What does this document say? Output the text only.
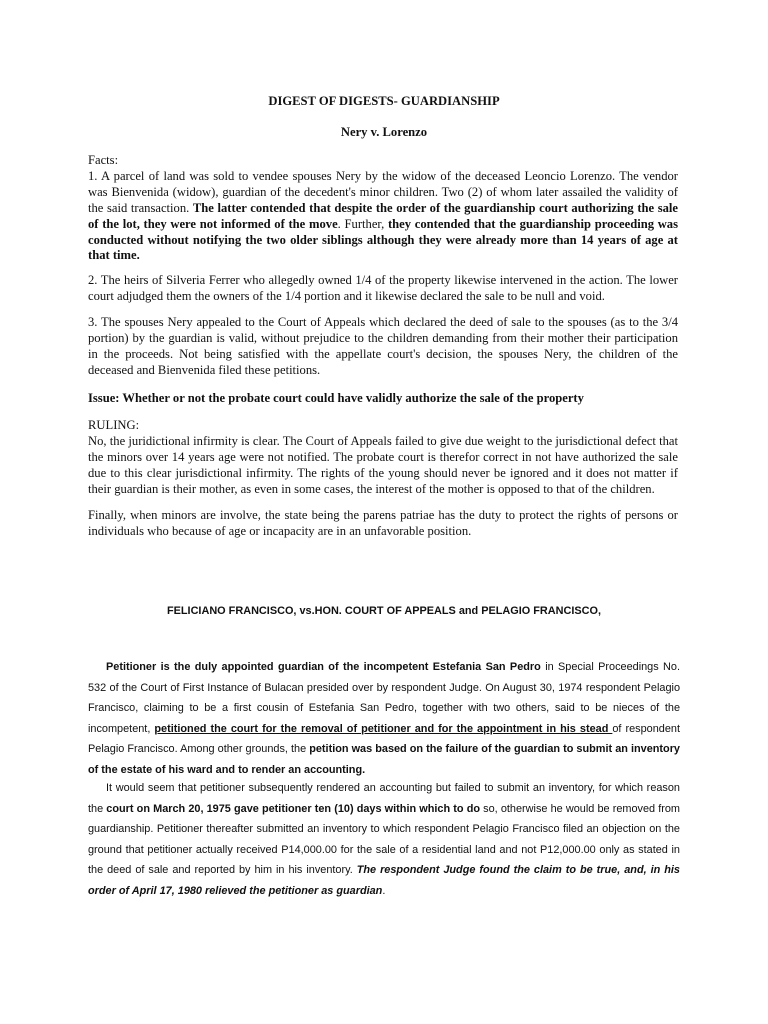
DIGEST OF DIGESTS- GUARDIANSHIP
Nery v. Lorenzo

Facts:
1. A parcel of land was sold to vendee spouses Nery by the widow of the deceased Leoncio Lorenzo. The vendor was Bienvenida (widow), guardian of the decedent's minor children. Two (2) of whom later assailed the validity of the said transaction. The latter contended that despite the order of the guardianship court authorizing the sale of the lot, they were not informed of the move. Further, they contended that the guardianship proceeding was conducted without notifying the two older siblings although they were already more than 14 years of age at that time.

2. The heirs of Silveria Ferrer who allegedly owned 1/4 of the property likewise intervened in the action. The lower court adjudged them the owners of the 1/4 portion and it likewise declared the sale to be null and void.

3. The spouses Nery appealed to the Court of Appeals which declared the deed of sale to the spouses (as to the 3/4 portion) by the guardian is valid, without prejudice to the children demanding from their mother their participation in the proceeds. Not being satisfied with the appellate court's decision, the spouses Nery, the children of the deceased and Bienvenida filed these petitions.

Issue: Whether or not the probate court could have validly authorize the sale of the property

RULING:
No, the juridictional infirmity is clear. The Court of Appeals failed to give due weight to the jurisdictional defect that the minors over 14 years age were not notified. The probate court is therefor correct in not have authorized the sale due to this clear jurisdictional infirmity. The rights of the young should never be ignored and it does not matter if their guardian is their mother, as even in some cases, the interest of the mother is opposed to that of the children.

Finally, when minors are involve, the state being the parens patriae has the duty to protect the rights of persons or individuals who because of age or incapacity are in an unfavorable position.

FELICIANO FRANCISCO, vs.HON. COURT OF APPEALS and PELAGIO FRANCISCO,

Petitioner is the duly appointed guardian of the incompetent Estefania San Pedro in Special Proceedings No. 532 of the Court of First Instance of Bulacan presided over by respondent Judge. On August 30, 1974 respondent Pelagio Francisco, claiming to be a first cousin of Estefania San Pedro, together with two others, said to be nieces of the incompetent, petitioned the court for the removal of petitioner and for the appointment in his stead of respondent Pelagio Francisco. Among other grounds, the petition was based on the failure of the guardian to submit an inventory of the estate of his ward and to render an accounting.

It would seem that petitioner subsequently rendered an accounting but failed to submit an inventory, for which reason the court on March 20, 1975 gave petitioner ten (10) days within which to do so, otherwise he would be removed from guardianship. Petitioner thereafter submitted an inventory to which respondent Pelagio Francisco filed an objection on the ground that petitioner actually received P14,000.00 for the sale of a residential land and not P12,000.00 only as stated in the deed of sale and reported by him in his inventory. The respondent Judge found the claim to be true, and, in his order of April 17, 1980 relieved the petitioner as guardian.
